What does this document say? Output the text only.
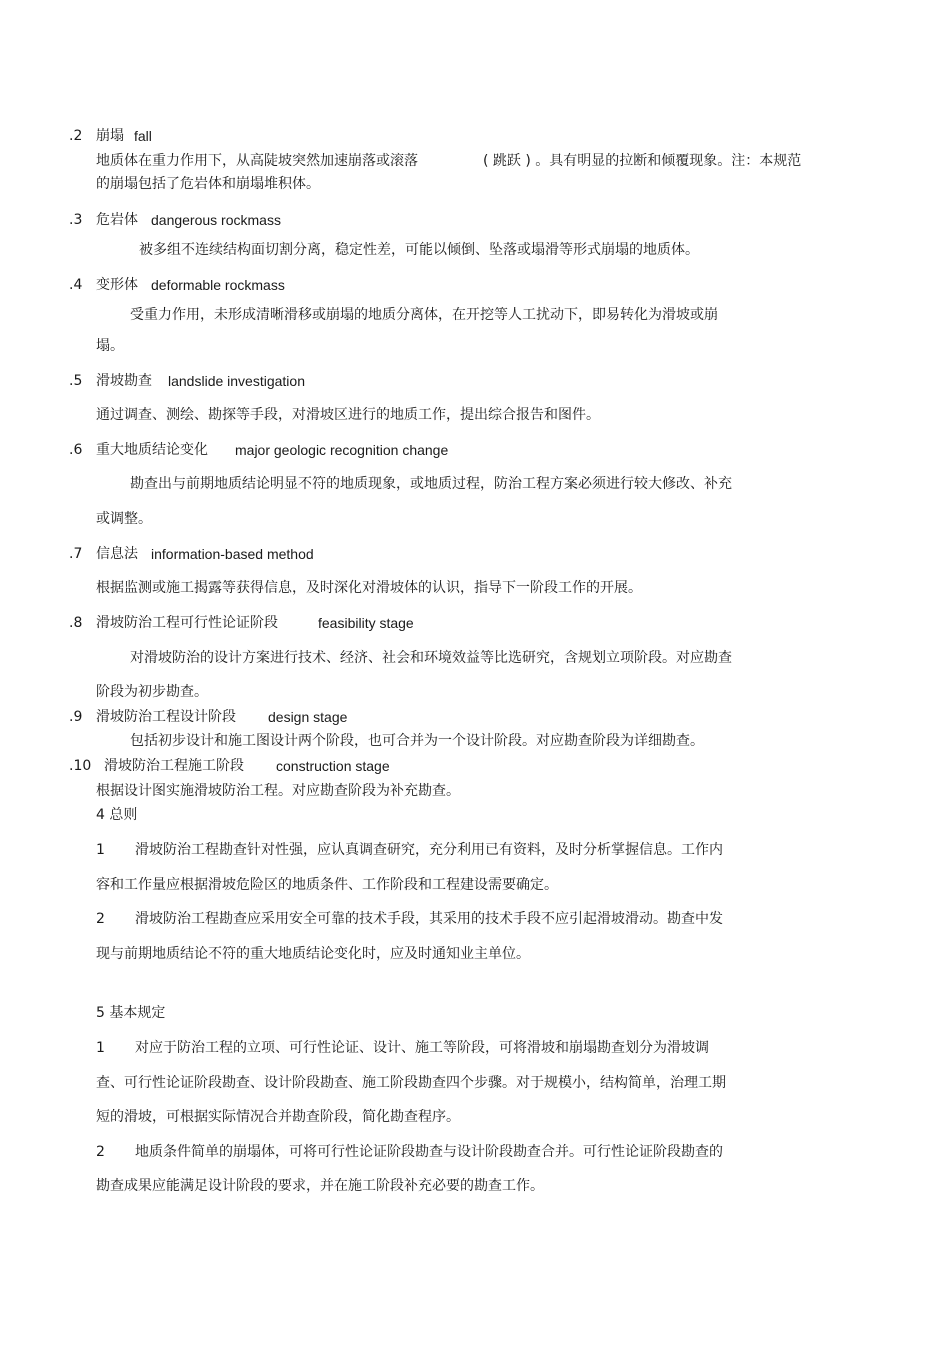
.2 崩塌 fall
地质体在重力作用下，从高陡坡突然加速崩落或滚落	( 跳跃 ) 。具有明显的拉断和倾覆现象。注：本规范
的崩塌包括了危岩体和崩塌堆积体。
.3 危岩体 dangerous rockmass
被多组不连续结构面切割分离，稳定性差，可能以倾倒、坠落或塌滑等形式崩塌的地质体。
.4 变形体 deformable rockmass
受重力作用，未形成清晰滑移或崩塌的地质分离体，在开挖等人工扰动下，即易转化为滑坡或崩
塌。
.5 滑坡勘查 landslide investigation
通过调查、测绘、勘探等手段，对滑坡区进行的地质工作，提出综合报告和图件。
.6 重大地质结论变化 major geologic recognition change
勘查出与前期地质结论明显不符的地质现象，或地质过程，防治工程方案必须进行较大修改、补充
或调整。
.7 信息法 information-based method
根据监测或施工揭露等获得信息，及时深化对滑坡体的认识，指导下一阶段工作的开展。
.8 滑坡防治工程可行性论证阶段	feasibility stage
对滑坡防治的设计方案进行技术、经济、社会和环境效益等比选研究，含规划立项阶段。对应勘查
阶段为初步勘查。
.9 滑坡防治工程设计阶段 design stage
包括初步设计和施工图设计两个阶段，也可合并为一个设计阶段。对应勘查阶段为详细勘查。
.10 滑坡防治工程施工阶段 construction stage
根据设计图实施滑坡防治工程。对应勘查阶段为补充勘查。
4 总则
1 滑坡防治工程勘查针对性强，应认真调查研究，充分利用已有资料，及时分析掌握信息。工作内
容和工作量应根据滑坡危险区的地质条件、工作阶段和工程建设需要确定。
2 滑坡防治工程勘查应采用安全可靠的技术手段，其采用的技术手段不应引起滑坡滑动。勘查中发
现与前期地质结论不符的重大地质结论变化时，应及时通知业主单位。
5 基本规定
1 对应于防治工程的立项、可行性论证、设计、施工等阶段，可将滑坡和崩塌勘查划分为滑坡调
查、可行性论证阶段勘查、设计阶段勘查、施工阶段勘查四个步骤。对于规模小，结构简单，治理工期
短的滑坡，可根据实际情况合并勘查阶段，简化勘查程序。
2 地质条件简单的崩塌体，可将可行性论证阶段勘查与设计阶段勘查合并。可行性论证阶段勘查的
勘查成果应能满足设计阶段的要求，并在施工阶段补充必要的勘查工作。
